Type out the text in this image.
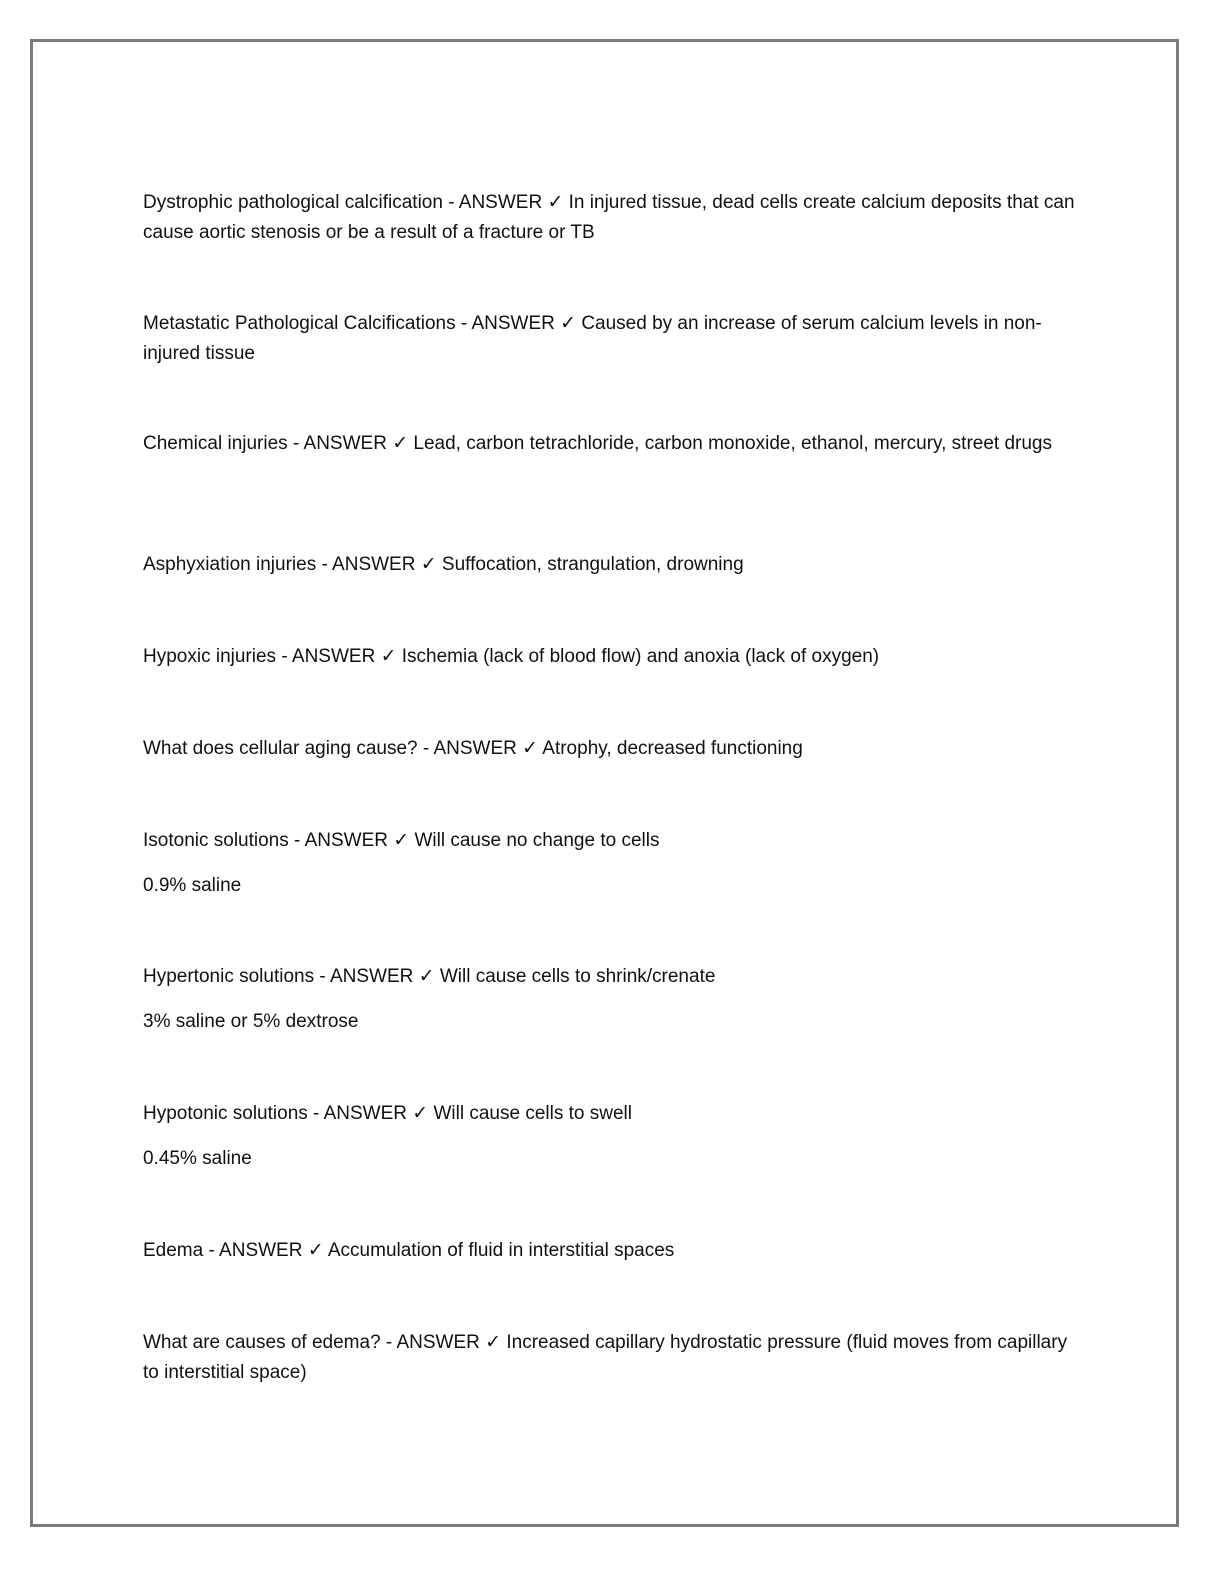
Dystrophic pathological calcification - ANSWER ✓ In injured tissue, dead cells create calcium deposits that can cause aortic stenosis or be a result of a fracture or TB

Metastatic Pathological Calcifications - ANSWER ✓ Caused by an increase of serum calcium levels in non-injured tissue

Chemical injuries - ANSWER ✓ Lead, carbon tetrachloride, carbon monoxide, ethanol, mercury, street drugs

Asphyxiation injuries - ANSWER ✓ Suffocation, strangulation, drowning

Hypoxic injuries - ANSWER ✓ Ischemia (lack of blood flow) and anoxia (lack of oxygen)

What does cellular aging cause? - ANSWER ✓ Atrophy, decreased functioning

Isotonic solutions - ANSWER ✓ Will cause no change to cells

0.9% saline

Hypertonic solutions - ANSWER ✓ Will cause cells to shrink/crenate

3% saline or 5% dextrose

Hypotonic solutions - ANSWER ✓ Will cause cells to swell

0.45% saline

Edema - ANSWER ✓ Accumulation of fluid in interstitial spaces

What are causes of edema? - ANSWER ✓ Increased capillary hydrostatic pressure (fluid moves from capillary to interstitial space)
